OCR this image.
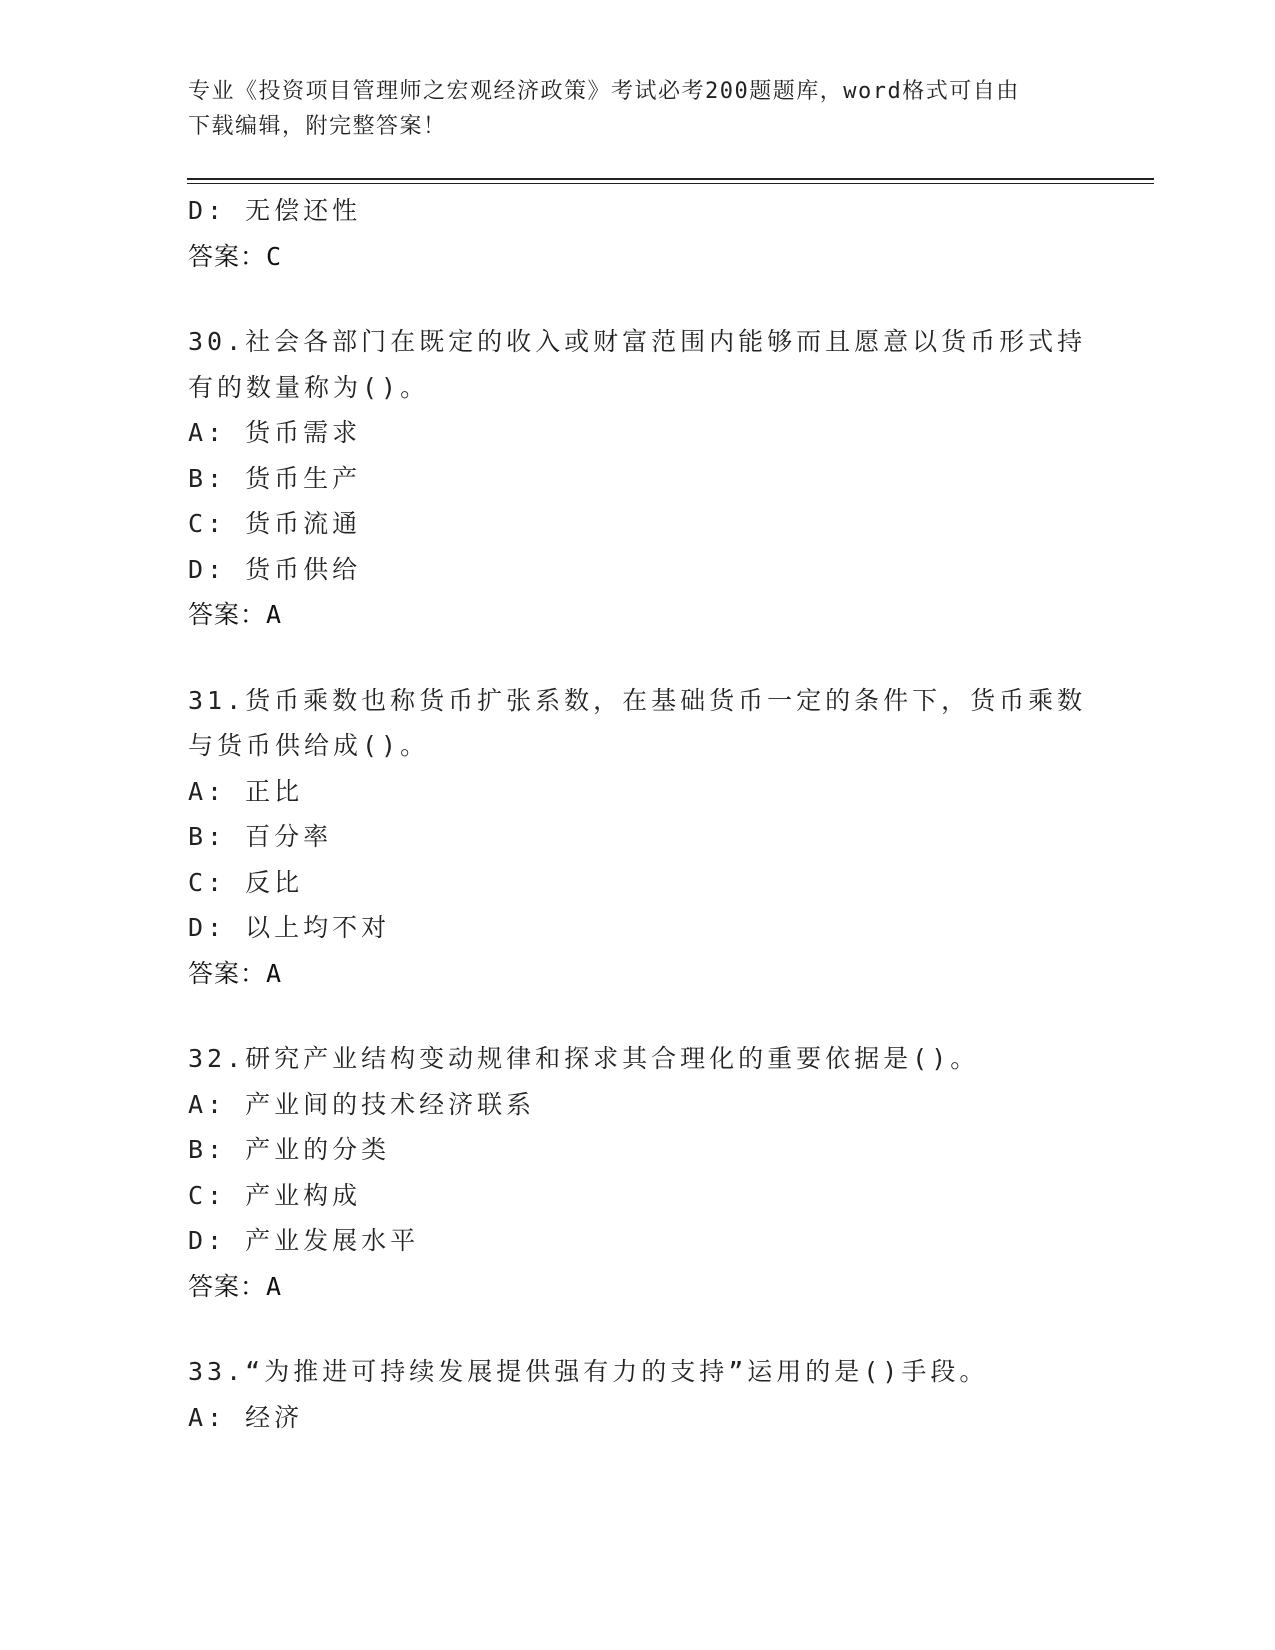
专业《投资项目管理师之宏观经济政策》考试必考200题题库，word格式可自由
下载编辑，附完整答案！
D: 无偿还性
答案：C
30.社会各部门在既定的收入或财富范围内能够而且愿意以货币形式持
有的数量称为()。
A: 货币需求
B: 货币生产
C: 货币流通
D: 货币供给
答案：A
31.货币乘数也称货币扩张系数，在基础货币一定的条件下，货币乘数
与货币供给成()。
A: 正比
B: 百分率
C: 反比
D: 以上均不对
答案：A
32.研究产业结构变动规律和探求其合理化的重要依据是()。
A: 产业间的技术经济联系
B: 产业的分类
C: 产业构成
D: 产业发展水平
答案：A
33.“为推进可持续发展提供强有力的支持”运用的是()手段。
A: 经济
